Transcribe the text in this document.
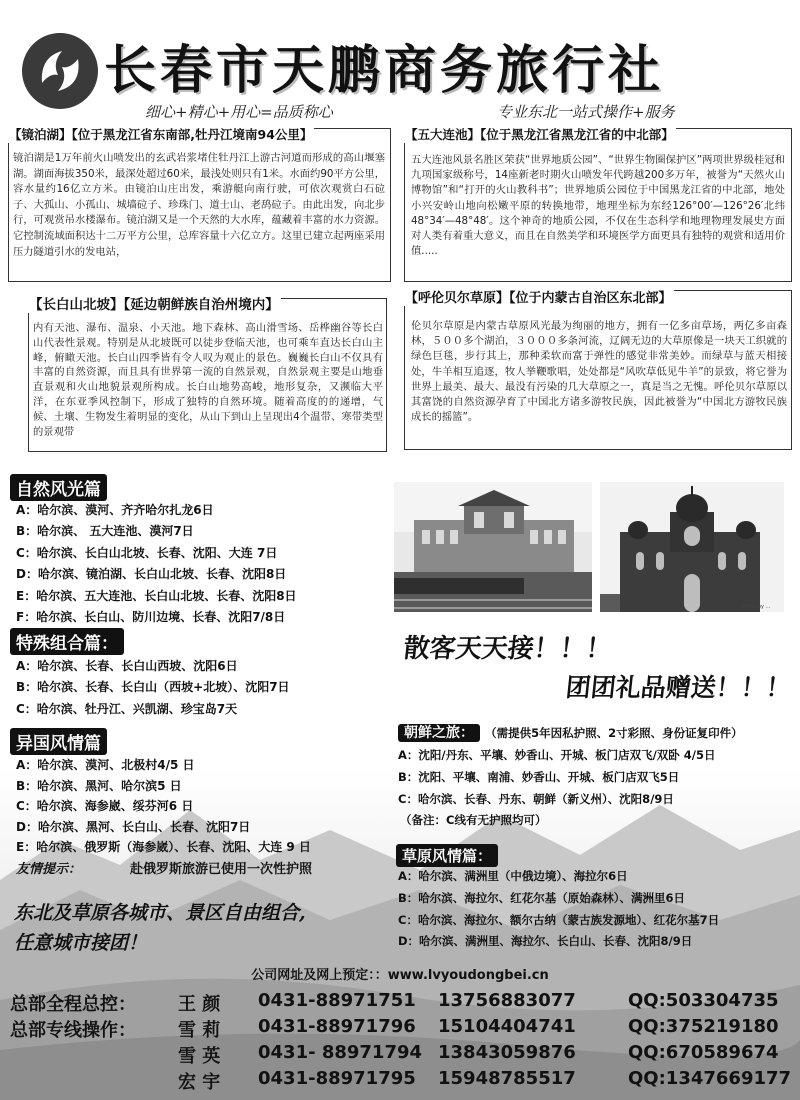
长春市天鹏商务旅行社
细心+精心+用心=品质称心	专业东北一站式操作+服务
【镜泊湖】【位于黑龙江省东南部,牡丹江境南94公里】
镜泊湖是1万年前火山喷发出的玄武岩浆堵住牡丹江上游古河道而形成的高山堰塞湖。湖面海拔350米，最深处超过60米，最浅处则只有1米。水面约90平方公里，容水量约16亿立方米。由镜泊山庄出发，乘游艇向南行驶，可依次观赏白石砬子、大孤山、小孤山、城墙砬子、珍珠门、道士山、老鸹砬子。由此出发，向北步行，可观赏吊水楼瀑布。镜泊湖又是一个天然的大水库，蕴藏着丰富的水力资源。它控制流域面积达十二万平方公里，总库容量十六亿立方。这里已建立起两座采用压力隧道引水的发电站，
【五大连池】【位于黑龙江省黑龙江省的中北部】
五大连池风景名胜区荣获“世界地质公园”、“世界生物圈保护区”两项世界级桂冠和九项国家级称号，14座新老时期火山喷发年代跨越200多万年，被誉为“天然火山博物馆”和“打开的火山教科书”；世界地质公园位于中国黑龙江省的中北部，地处小兴安岭山地向松嫩平原的转换地带，地理坐标为东经126°00′—126°26′北纬48°34′—48°48′。这个神奇的地质公园，不仅在生态科学和地理物理发展史方面对人类有着重大意义，而且在自然美学和环境医学方面更具有独特的观赏和适用价值.....
【长白山北坡】【延边朝鲜族自治州境内】
内有天池、瀑布、温泉、小天池。地下森林、高山滑雪场、岳桦幽谷等长白山代表性景观。特别是从北坡既可以徒步登临天池，也可乘车直达长白山主峰，俯瞰天池。长白山四季皆有令人叹为观止的景色。巍巍长白山不仅具有丰富的自然资源，而且具有世界第一流的自然景观，自然景观主要是山地垂直景观和火山地貌景观所构成。长白山地势高峻，地形复杂，又濒临大平洋，在东亚季风控制下，形成了独特的自然环境。随着高度的的递增，气候、土壤、生物发生着明显的变化，从山下到山上呈现出4个温带、寒带类型的景观带
【呼伦贝尔草原】【位于内蒙古自治区东北部】
伦贝尔草原是内蒙古草原风光最为绚丽的地方，拥有一亿多亩草场，两亿多亩森林，５００多个湖泊，３０００多条河流，辽阔无边的大草原像是一块天工织就的绿色巨毯，步行其上，那种柔软而富于弹性的感觉非常美妙。而绿草与蓝天相接处，牛羊相互追逐，牧人挙鞭歌唱，处处都是“风吹草低见牛羊”的景致，将它誉为世界上最美、最大、最没有污染的几大草原之一，真是当之无愧。呼伦贝尔草原以其富饶的自然资源孕育了中国北方诸多游牧民族，因此被誉为“中国北方游牧民族成长的摇篮”。
Photo by ...
自然风光篇
A：哈尔滨、漠河、齐齐哈尔扎龙6日
B：哈尔滨、 五大连池、漠河7日
C：哈尔滨、长白山北坡、长春、沈阳、大连 7日
D：哈尔滨、镜泊湖、长白山北坡、长春、沈阳8日
E：哈尔滨、五大连池、长白山北坡、长春、沈阳8日
F：哈尔滨、长白山、防川边境、长春、沈阳7/8日
特殊组合篇：
A：哈尔滨、长春、长白山西坡、沈阳6日
B：哈尔滨、长春、长白山（西坡+北坡）、沈阳7日
C：哈尔滨、牡丹江、兴凯湖、珍宝岛7天
散客天天接！！！
团团礼品赠送！！！
异国风情篇
A：哈尔滨、漠河、北极村4/5 日
B：哈尔滨、黑河、哈尔滨5 日
C：哈尔滨、海参崴、绥芬河6 日
D：哈尔滨、黑河、长白山、长春、沈阳7日
E：哈尔滨、俄罗斯（海参崴）、长春、沈阳、大连 9 日
朝鲜之旅： （需提供5年因私护照、2寸彩照、身份证复印件）
A：沈阳/丹东、平壤、妙香山、开城、板门店双飞/双卧 4/5日
B：沈阳、平壤、南浦、妙香山、开城、板门店双飞5日
C：哈尔滨、长春、丹东、朝鲜（新义州）、沈阳8/9日
（备注：C线有无护照均可）
草原风情篇：
A：哈尔滨、满洲里（中俄边境）、海拉尔6日
B：哈尔滨、海拉尔、红花尔基（原始森林）、满洲里6日
C：哈尔滨、海拉尔、额尔古纳（蒙古族发源地）、红花尔基7日
D：哈尔滨、满洲里、海拉尔、长白山、长春、沈阳8/9日
友情提示：	赴俄罗斯旅游已使用一次性护照
东北及草原各城市、景区自由组合,
任意城市接团！
公司网址及网上预定：：www.lvyoudongbei.cn
总部全程总控： 王 颜 0431-88971751 13756883077	QQ:503304735
总部专线操作： 雪 莉 0431-88971796 15104404741	QQ:375219180
雪 英 0431- 88971794 13843059876	QQ:670589674
宏 宇 0431-88971795 15948785517	QQ:1347669177
